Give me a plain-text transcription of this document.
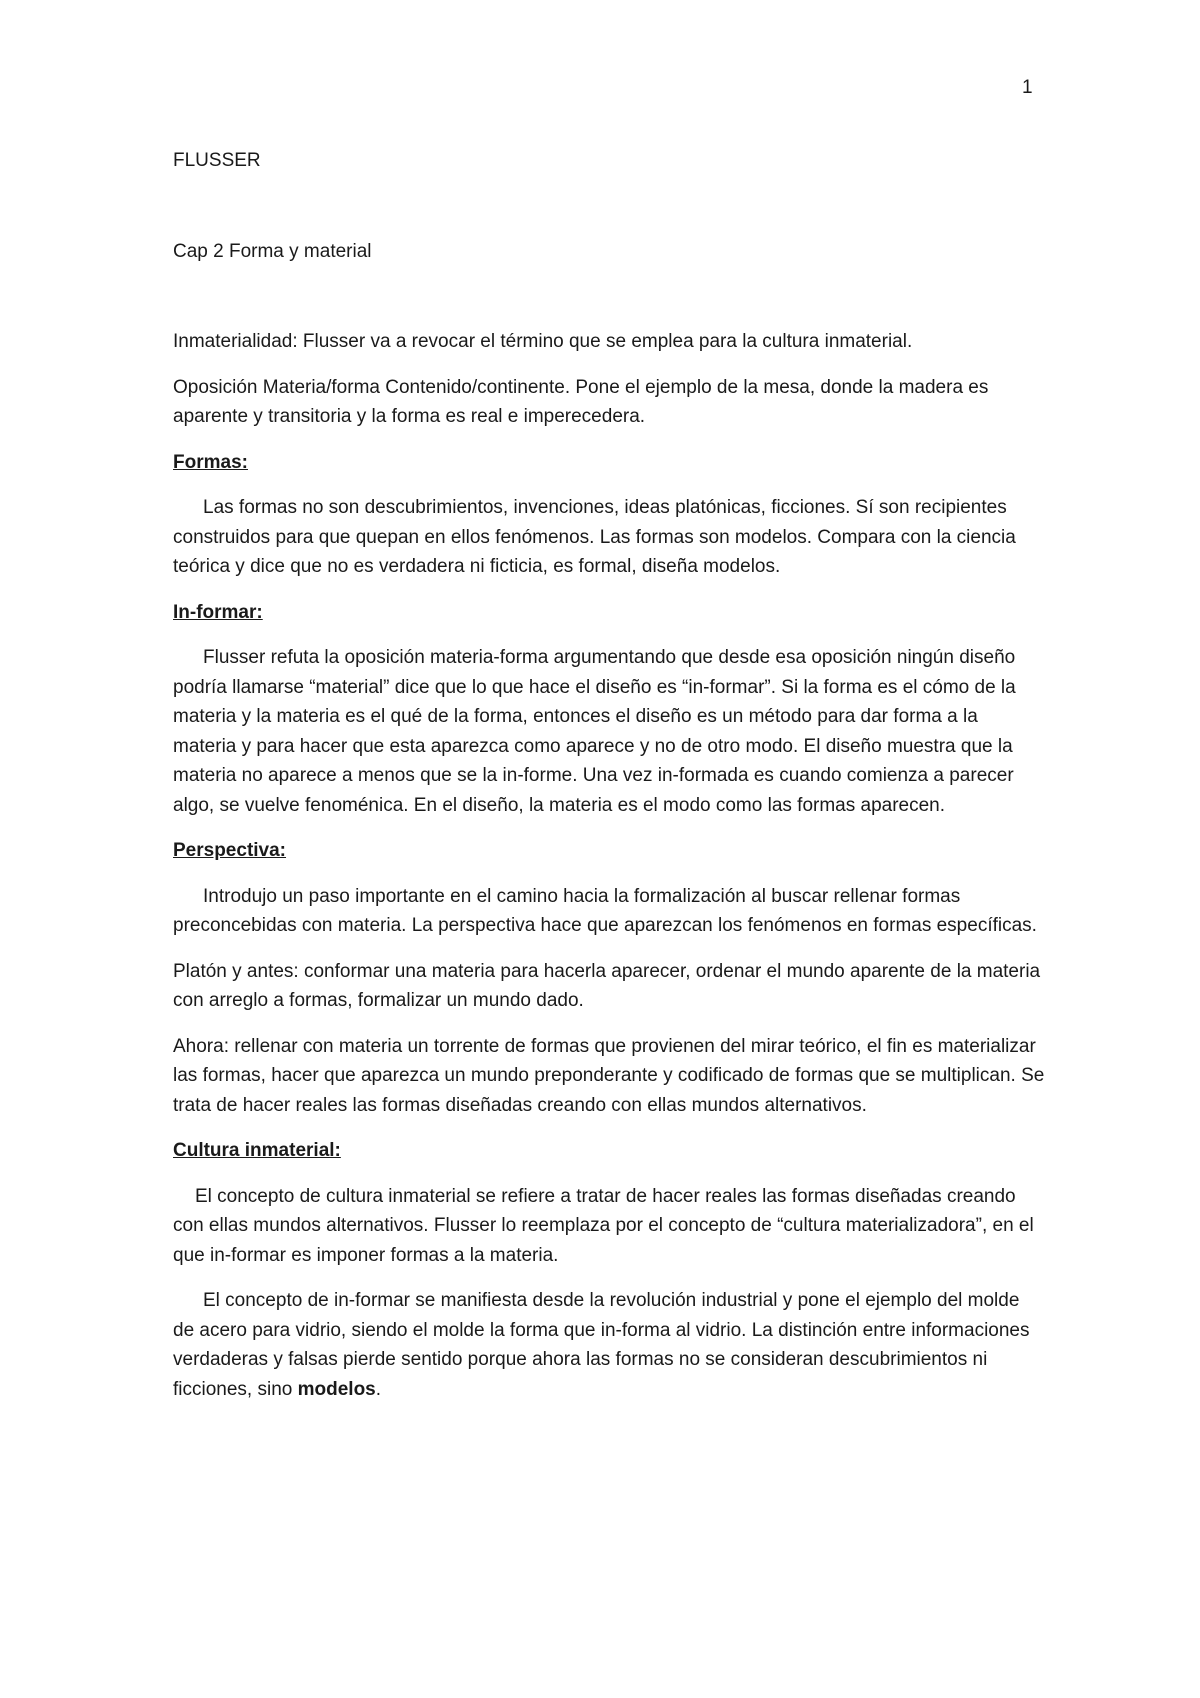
1
FLUSSER
Cap 2 Forma y material

Inmaterialidad: Flusser va a revocar el término que se emplea para la cultura inmaterial.

Oposición Materia/forma Contenido/continente. Pone el ejemplo de la mesa, donde la madera es aparente y transitoria y la forma es real e imperecedera.

Formas:

Las formas no son descubrimientos, invenciones, ideas platónicas, ficciones. Sí son recipientes construidos para que quepan en ellos fenómenos. Las formas son modelos. Compara con la ciencia teórica y dice que no es verdadera ni ficticia, es formal, diseña modelos.

In-formar:

Flusser refuta la oposición materia-forma argumentando que desde esa oposición ningún diseño podría llamarse “material” dice que lo que hace el diseño es “in-formar”. Si la forma es el cómo de la materia y la materia es el qué de la forma, entonces el diseño es un método para dar forma a la materia y para hacer que esta aparezca como aparece y no de otro modo. El diseño muestra que la materia no aparece a menos que se la in-forme. Una vez in-formada es cuando comienza a parecer algo, se vuelve fenoménica. En el diseño, la materia es el modo como las formas aparecen.

Perspectiva:

Introdujo un paso importante en el camino hacia la formalización al buscar rellenar formas preconcebidas con materia. La perspectiva hace que aparezcan los fenómenos en formas específicas.

Platón y antes: conformar una materia para hacerla aparecer, ordenar el mundo aparente de la materia con arreglo a formas, formalizar un mundo dado.

Ahora: rellenar con materia un torrente de formas que provienen del mirar teórico, el fin es materializar las formas, hacer que aparezca un mundo preponderante y codificado de formas que se multiplican. Se trata de hacer reales las formas diseñadas creando con ellas mundos alternativos.

Cultura inmaterial:

El concepto de cultura inmaterial se refiere a tratar de hacer reales las formas diseñadas creando con ellas mundos alternativos. Flusser lo reemplaza por el concepto de “cultura materializadora”, en el que in-formar es imponer formas a la materia.

El concepto de in-formar se manifiesta desde la revolución industrial y pone el ejemplo del molde de acero para vidrio, siendo el molde la forma que in-forma al vidrio. La distinción entre informaciones verdaderas y falsas pierde sentido porque ahora las formas no se consideran descubrimientos ni ficciones, sino modelos.
